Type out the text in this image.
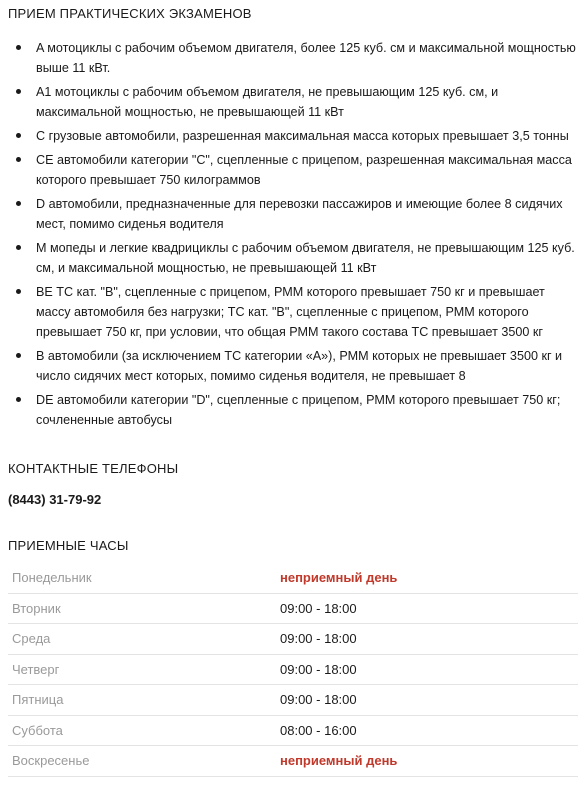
ПРИЕМ ПРАКТИЧЕСКИХ ЭКЗАМЕНОВ
A мотоциклы с рабочим объемом двигателя, более 125 куб. см и максимальной мощностью выше 11 кВт.
A1 мотоциклы с рабочим объемом двигателя, не превышающим 125 куб. см, и максимальной мощностью, не превышающей 11 кВт
C грузовые автомобили, разрешенная максимальная масса которых превышает 3,5 тонны
CE автомобили категории "С", сцепленные с прицепом, разрешенная максимальная масса которого превышает 750 килограммов
D автомобили, предназначенные для перевозки пассажиров и имеющие более 8 сидячих мест, помимо сиденья водителя
M мопеды и легкие квадрициклы с рабочим объемом двигателя, не превышающим 125 куб. см, и максимальной мощностью, не превышающей 11 кВт
BE ТС кат. "B", сцепленные с прицепом, РММ которого превышает 750 кг и превышает массу автомобиля без нагрузки; ТС кат. "B", сцепленные с прицепом, РММ которого превышает 750 кг, при условии, что общая РММ такого состава ТС превышает 3500 кг
B автомобили (за исключением ТС категории «А»), РММ которых не превышает 3500 кг и число сидячих мест которых, помимо сиденья водителя, не превышает 8
DE автомобили категории "D", сцепленные с прицепом, РММ которого превышает 750 кг; сочлененные автобусы
КОНТАКТНЫЕ ТЕЛЕФОНЫ
(8443) 31-79-92
ПРИЕМНЫЕ ЧАСЫ
Понедельник	неприемный день
Вторник	09:00 - 18:00
Среда	09:00 - 18:00
Четверг	09:00 - 18:00
Пятница	09:00 - 18:00
Суббота	08:00 - 16:00
Воскресенье	неприемный день
